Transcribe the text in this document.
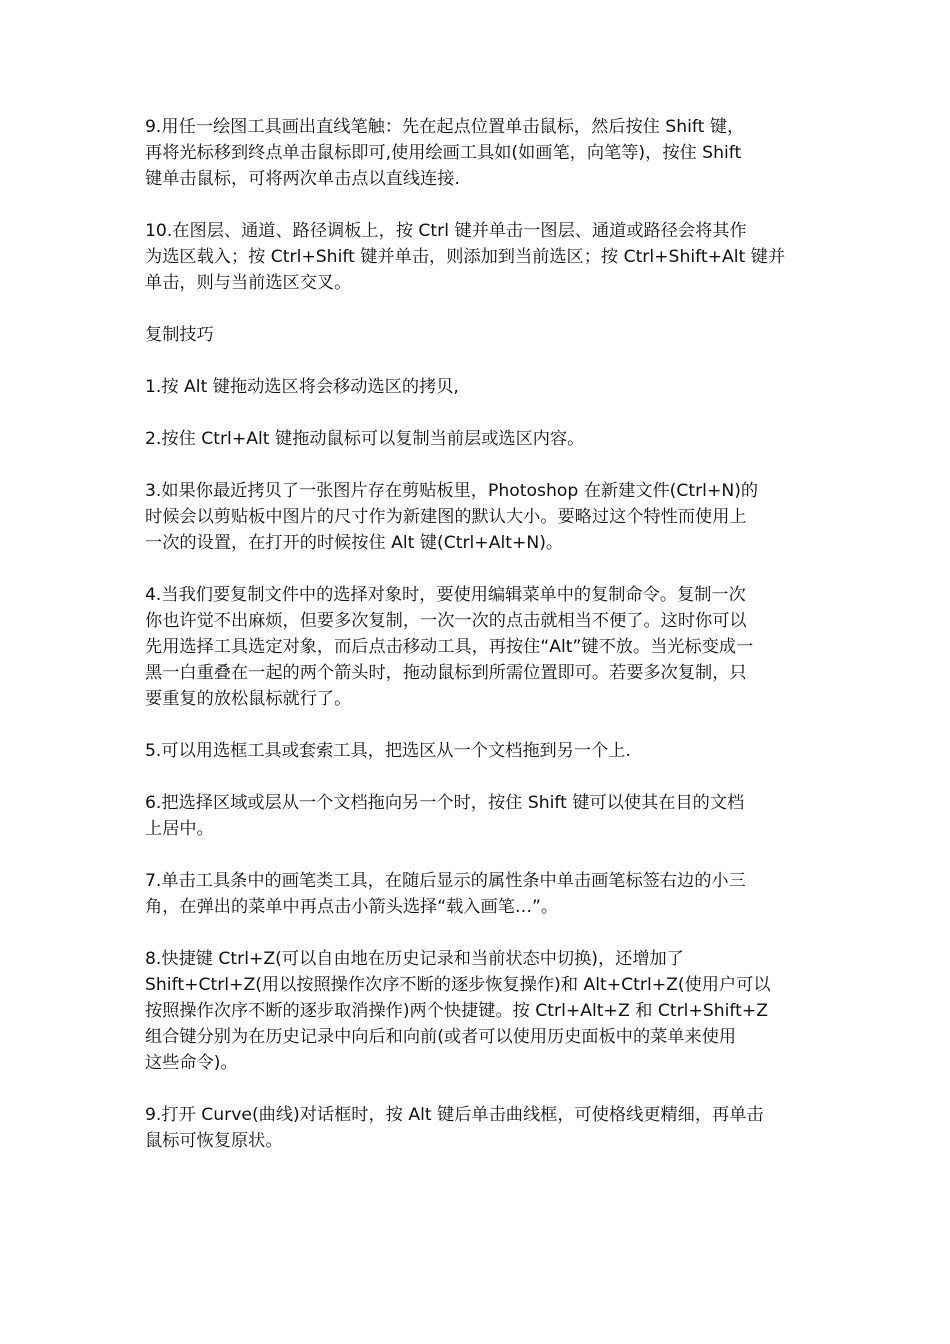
9.用任一绘图工具画出直线笔触：先在起点位置单击鼠标，然后按住 Shift 键，
再将光标移到终点单击鼠标即可,使用绘画工具如(如画笔，向笔等)，按住 Shift
键单击鼠标，可将两次单击点以直线连接.

10.在图层、通道、路径调板上，按 Ctrl 键并单击一图层、通道或路径会将其作
为选区载入；按 Ctrl+Shift 键并单击，则添加到当前选区；按 Ctrl+Shift+Alt 键并
单击，则与当前选区交叉。

复制技巧

1.按 Alt 键拖动选区将会移动选区的拷贝,

2.按住 Ctrl+Alt 键拖动鼠标可以复制当前层或选区内容。

3.如果你最近拷贝了一张图片存在剪贴板里，Photoshop 在新建文件(Ctrl+N)的
时候会以剪贴板中图片的尺寸作为新建图的默认大小。要略过这个特性而使用上
一次的设置，在打开的时候按住 Alt 键(Ctrl+Alt+N)。

4.当我们要复制文件中的选择对象时，要使用编辑菜单中的复制命令。复制一次
你也许觉不出麻烦，但要多次复制，一次一次的点击就相当不便了。这时你可以
先用选择工具选定对象，而后点击移动工具，再按住“Alt”键不放。当光标变成一
黑一白重叠在一起的两个箭头时，拖动鼠标到所需位置即可。若要多次复制，只
要重复的放松鼠标就行了。

5.可以用选框工具或套索工具，把选区从一个文档拖到另一个上.

6.把选择区域或层从一个文档拖向另一个时，按住 Shift 键可以使其在目的文档
上居中。

7.单击工具条中的画笔类工具，在随后显示的属性条中单击画笔标签右边的小三
角，在弹出的菜单中再点击小箭头选择“载入画笔…”。

8.快捷键 Ctrl+Z(可以自由地在历史记录和当前状态中切换)，还增加了
Shift+Ctrl+Z(用以按照操作次序不断的逐步恢复操作)和 Alt+Ctrl+Z(使用户可以
按照操作次序不断的逐步取消操作)两个快捷键。按 Ctrl+Alt+Z 和 Ctrl+Shift+Z
组合键分别为在历史记录中向后和向前(或者可以使用历史面板中的菜单来使用
这些命令)。

9.打开 Curve(曲线)对话框时，按 Alt 键后单击曲线框，可使格线更精细，再单击
鼠标可恢复原状。
